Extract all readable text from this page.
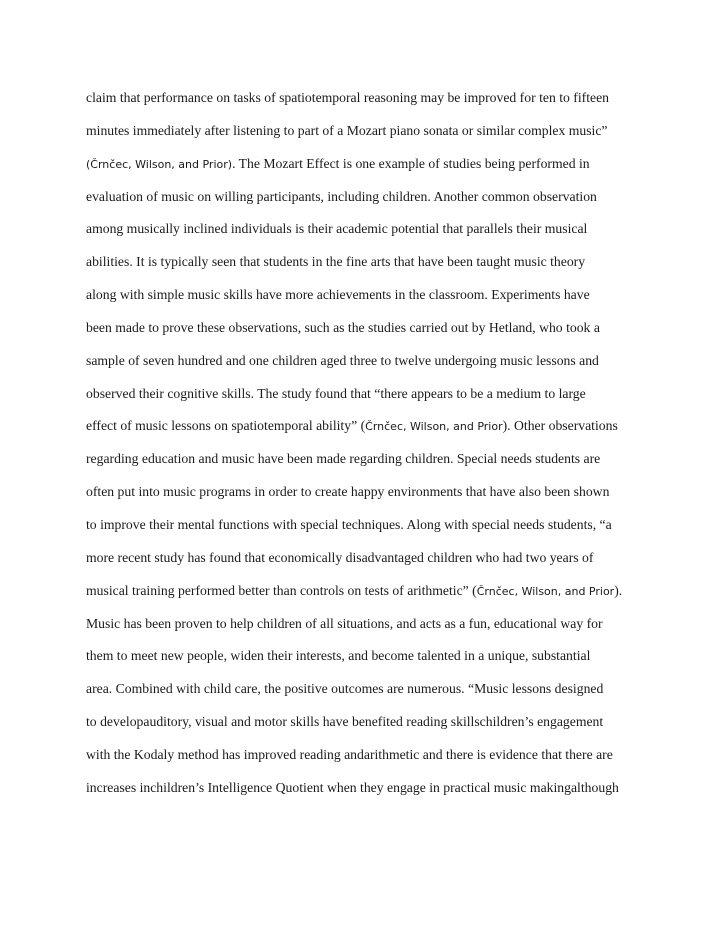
claim that performance on tasks of spatiotemporal reasoning may be improved for ten to fifteen
minutes immediately after listening to part of a Mozart piano sonata or similar complex music”
(Črnčec, Wilson, and Prior). The Mozart Effect is one example of studies being performed in
evaluation of music on willing participants, including children. Another common observation
among musically inclined individuals is their academic potential that parallels their musical
abilities. It is typically seen that students in the fine arts that have been taught music theory
along with simple music skills have more achievements in the classroom. Experiments have
been made to prove these observations, such as the studies carried out by Hetland, who took a
sample of seven hundred and one children aged three to twelve undergoing music lessons and
observed their cognitive skills. The study found that “there appears to be a medium to large
effect of music lessons on spatiotemporal ability” (Črnčec, Wilson, and Prior). Other observations
regarding education and music have been made regarding children. Special needs students are
often put into music programs in order to create happy environments that have also been shown
to improve their mental functions with special techniques. Along with special needs students, “a
more recent study has found that economically disadvantaged children who had two years of
musical training performed better than controls on tests of arithmetic” (Črnčec, Wilson, and Prior).
Music has been proven to help children of all situations, and acts as a fun, educational way for
them to meet new people, widen their interests, and become talented in a unique, substantial
area. Combined with child care, the positive outcomes are numerous. “Music lessons designed
to developauditory, visual and motor skills have benefited reading skillschildren’s engagement
with the Kodaly method has improved reading andarithmetic and there is evidence that there are
increases inchildren’s Intelligence Quotient when they engage in practical music makingalthough
